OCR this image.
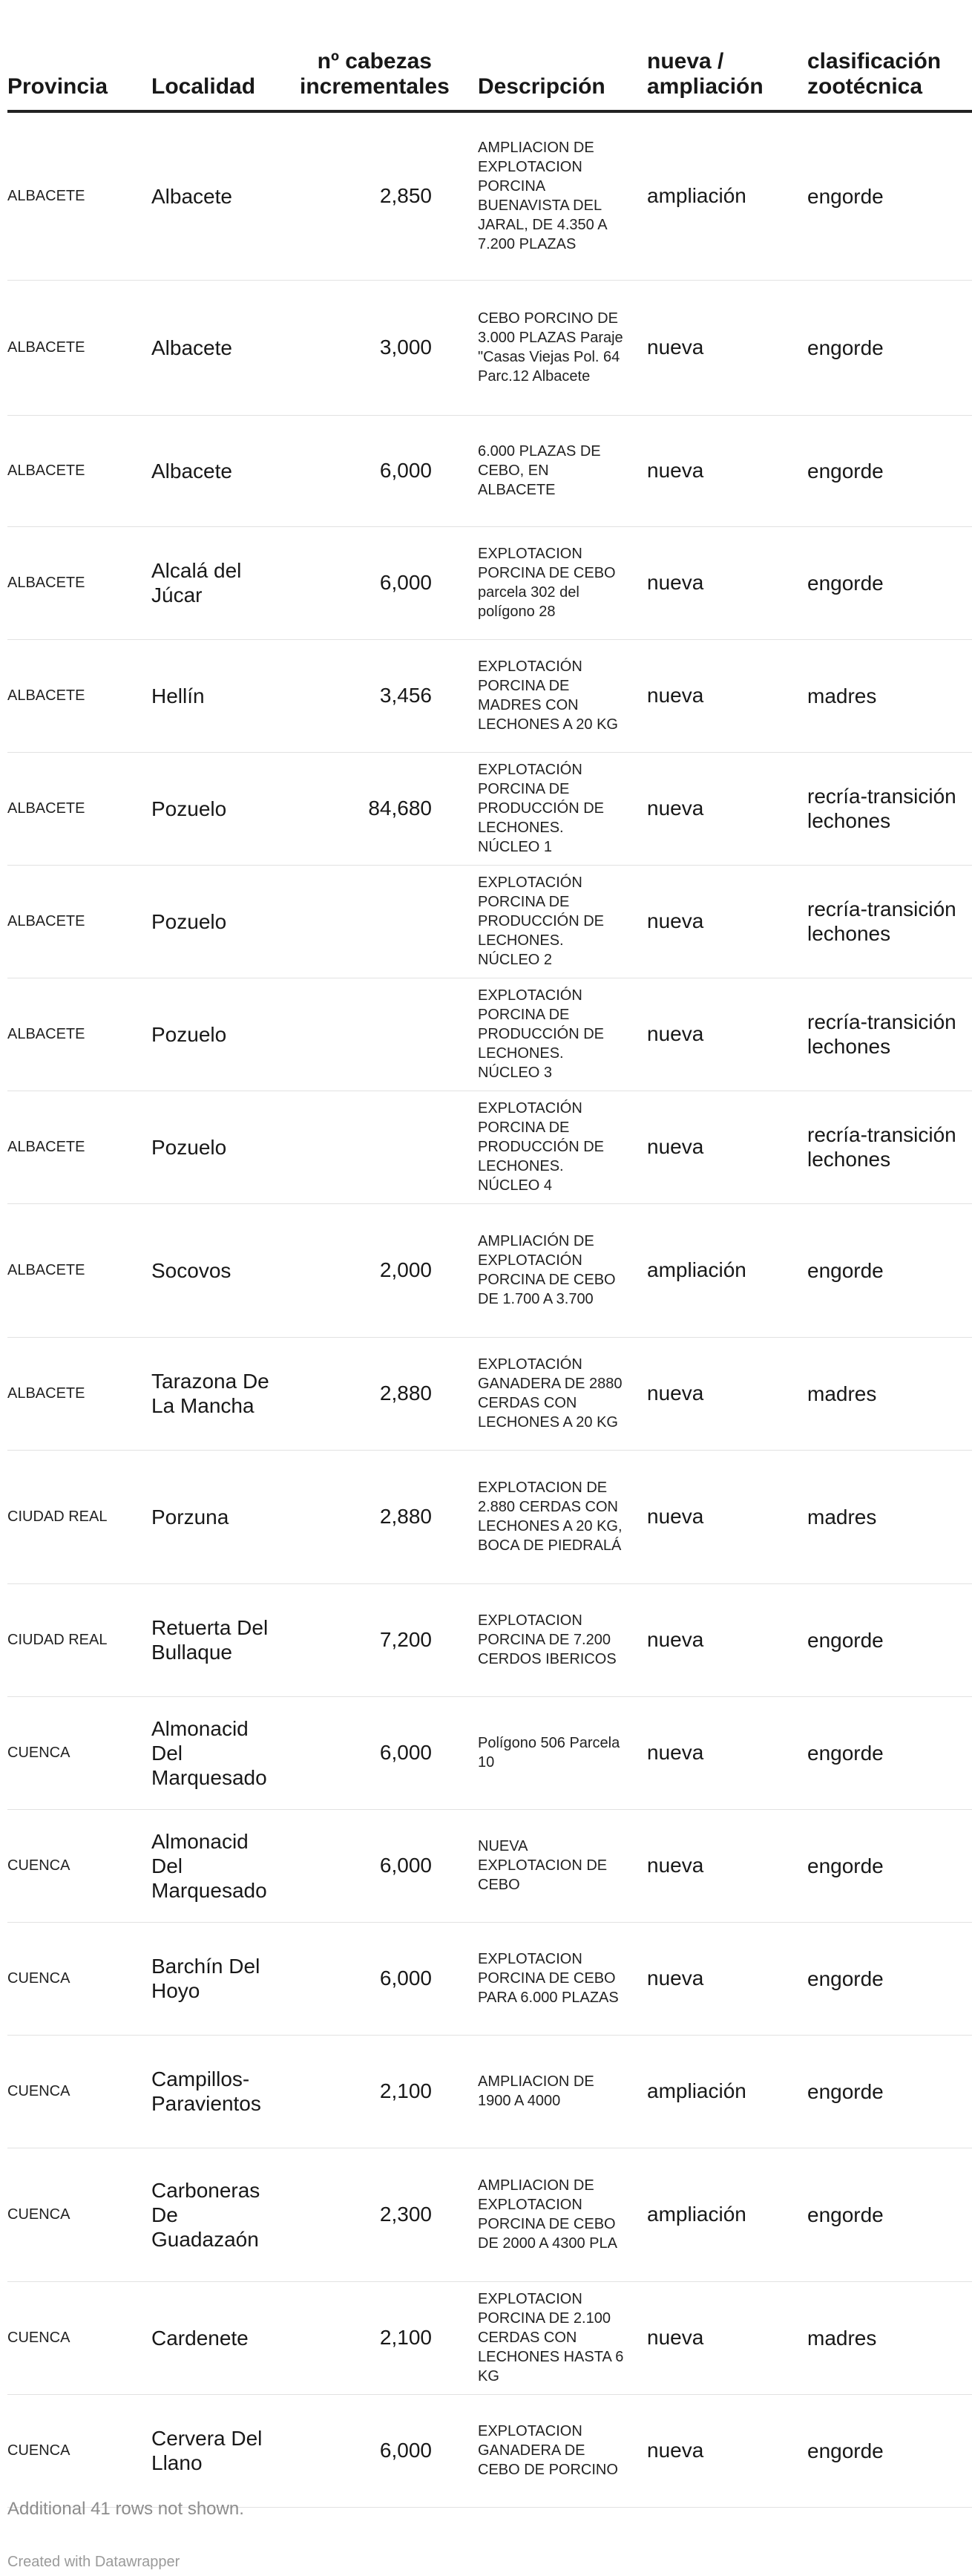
Provincia	Localidad	nº cabezas incrementales	Descripción	nueva / ampliación	clasificación zootécnica

ALBACETE	Albacete	2,850	AMPLIACION DE EXPLOTACION PORCINA BUENAVISTA DEL JARAL, DE 4.350 A 7.200 PLAZAS	ampliación	engorde

ALBACETE	Albacete	3,000	CEBO PORCINO DE 3.000 PLAZAS Paraje "Casas Viejas Pol. 64 Parc.12 Albacete	nueva	engorde

ALBACETE	Albacete	6,000	6.000 PLAZAS DE CEBO, EN ALBACETE	nueva	engorde

ALBACETE	Alcalá del Júcar	6,000	EXPLOTACION PORCINA DE CEBO parcela 302 del polígono 28	nueva	engorde

ALBACETE	Hellín	3,456	EXPLOTACIÓN PORCINA DE MADRES CON LECHONES A 20 KG	nueva	madres

ALBACETE	Pozuelo	84,680	EXPLOTACIÓN PORCINA DE PRODUCCIÓN DE LECHONES. NÚCLEO 1	nueva	recría-transición lechones

ALBACETE	Pozuelo		EXPLOTACIÓN PORCINA DE PRODUCCIÓN DE LECHONES. NÚCLEO 2	nueva	recría-transición lechones

ALBACETE	Pozuelo		EXPLOTACIÓN PORCINA DE PRODUCCIÓN DE LECHONES. NÚCLEO 3	nueva	recría-transición lechones

ALBACETE	Pozuelo		EXPLOTACIÓN PORCINA DE PRODUCCIÓN DE LECHONES. NÚCLEO 4	nueva	recría-transición lechones

ALBACETE	Socovos	2,000	AMPLIACIÓN DE EXPLOTACIÓN PORCINA DE CEBO DE 1.700 A 3.700	ampliación	engorde

ALBACETE	Tarazona De La Mancha	2,880	EXPLOTACIÓN GANADERA DE 2880 CERDAS CON LECHONES A 20 KG	nueva	madres

CIUDAD REAL	Porzuna	2,880	EXPLOTACION DE 2.880 CERDAS CON LECHONES A 20 KG, BOCA DE PIEDRALÁ	nueva	madres

CIUDAD REAL	Retuerta Del Bullaque	7,200	EXPLOTACION PORCINA DE 7.200 CERDOS IBERICOS	nueva	engorde

CUENCA	Almonacid Del Marquesado	6,000	Polígono 506 Parcela 10	nueva	engorde

CUENCA	Almonacid Del Marquesado	6,000	NUEVA EXPLOTACION DE CEBO	nueva	engorde

CUENCA	Barchín Del Hoyo	6,000	EXPLOTACION PORCINA DE CEBO PARA 6.000 PLAZAS	nueva	engorde

CUENCA	Campillos-Paravientos	2,100	AMPLIACION DE 1900 A 4000	ampliación	engorde

CUENCA	Carboneras De Guadazaón	2,300	AMPLIACION DE EXPLOTACION PORCINA DE CEBO DE 2000 A 4300 PLA	ampliación	engorde

CUENCA	Cardenete	2,100	EXPLOTACION PORCINA DE 2.100 CERDAS CON LECHONES HASTA 6 KG	nueva	madres

CUENCA	Cervera Del Llano	6,000	EXPLOTACION GANADERA DE CEBO DE PORCINO	nueva	engorde
Additional 41 rows not shown.
Created with Datawrapper
